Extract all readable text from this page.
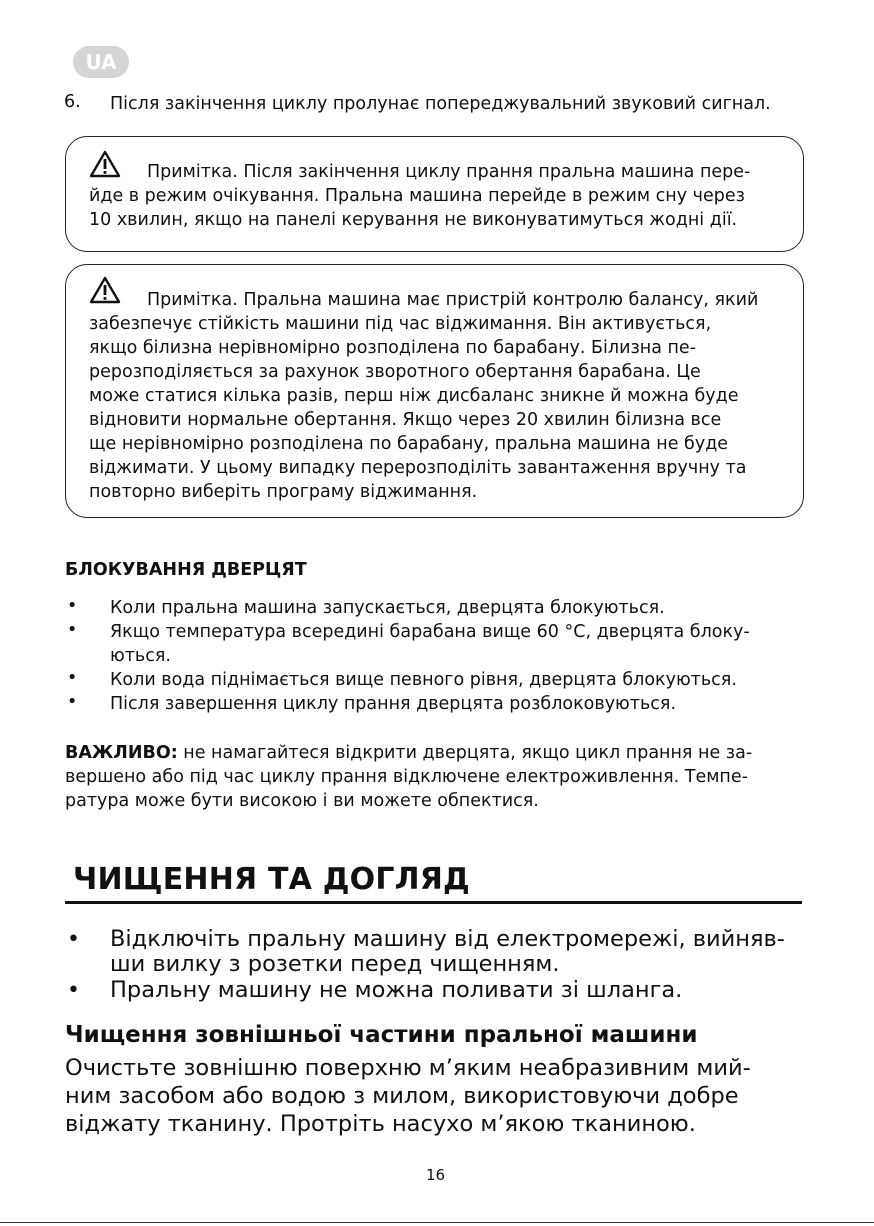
UA
6. Після закінчення циклу пролунає попереджувальний звуковий сигнал.
Примітка. Після закінчення циклу прання пральна машина пере-
йде в режим очікування. Пральна машина перейде в режим сну через
10 хвилин, якщо на панелі керування не виконуватимуться жодні дії.
Примітка. Пральна машина має пристрій контролю балансу, який
забезпечує стійкість машини під час віджимання. Він активується,
якщо білизна нерівномірно розподілена по барабану. Білизна пе-
рерозподіляється за рахунок зворотного обертання барабана. Це
може статися кілька разів, перш ніж дисбаланс зникне й можна буде
відновити нормальне обертання. Якщо через 20 хвилин білизна все
ще нерівномірно розподілена по барабану, пральна машина не буде
віджимати. У цьому випадку перерозподіліть завантаження вручну та
повторно виберіть програму віджимання.
БЛОКУВАННЯ ДВЕРЦЯТ
• Коли пральна машина запускається, дверцята блокуються.
• Якщо температура всередині барабана вище 60 °C, дверцята блоку-
ються.
• Коли вода піднімається вище певного рівня, дверцята блокуються.
• Після завершення циклу прання дверцята розблоковуються.
ВАЖЛИВО: не намагайтеся відкрити дверцята, якщо цикл прання не за-
вершено або під час циклу прання відключене електроживлення. Темпе-
ратура може бути високою і ви можете обпектися.
ЧИЩЕННЯ ТА ДОГЛЯД
• Відключіть пральну машину від електромережі, вийняв-
ши вилку з розетки перед чищенням.
• Пральну машину не можна поливати зі шланга.
Чищення зовнішньої частини пральної машини
Очистьте зовнішню поверхню м’яким неабразивним мий-
ним засобом або водою з милом, використовуючи добре
віджату тканину. Протріть насухо м’якою тканиною.
16
